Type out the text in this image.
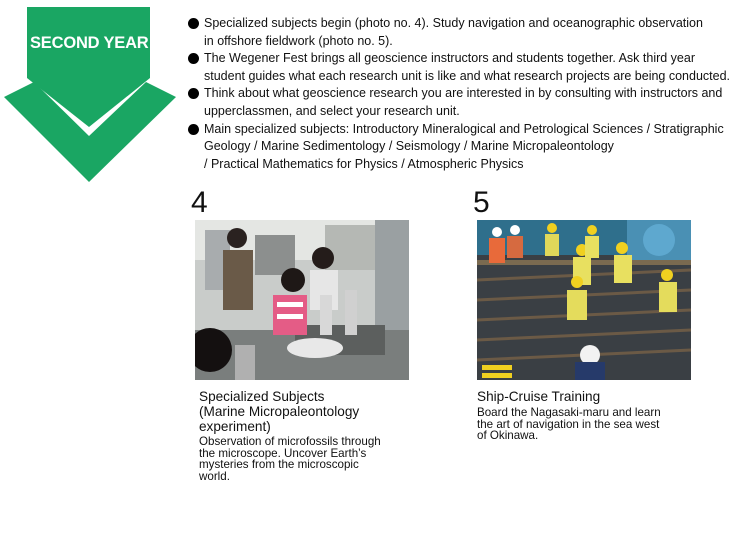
SECOND YEAR
Specialized subjects begin (photo no. 4). Study navigation and oceanographic observation
in offshore fieldwork (photo no. 5).
The Wegener Fest brings all geoscience instructors and students together. Ask third year
student guides what each research unit is like and what research projects are being conducted.
Think about what geoscience research you are interested in by consulting with instructors and
upperclassmen, and select your research unit.
Main specialized subjects: Introductory Mineralogical and Petrological Sciences / Stratigraphic
Geology / Marine Sedimentology / Seismology / Marine Micropaleontology
/ Practical Mathematics for Physics / Atmospheric Physics
4
Specialized Subjects
(Marine Micropaleontology
experiment)
Observation of microfossils through
the microscope. Uncover Earth’s
mysteries from the microscopic
world.
5
Ship-Cruise Training
Board the Nagasaki-maru and learn
the art of navigation in the sea west
of Okinawa.
